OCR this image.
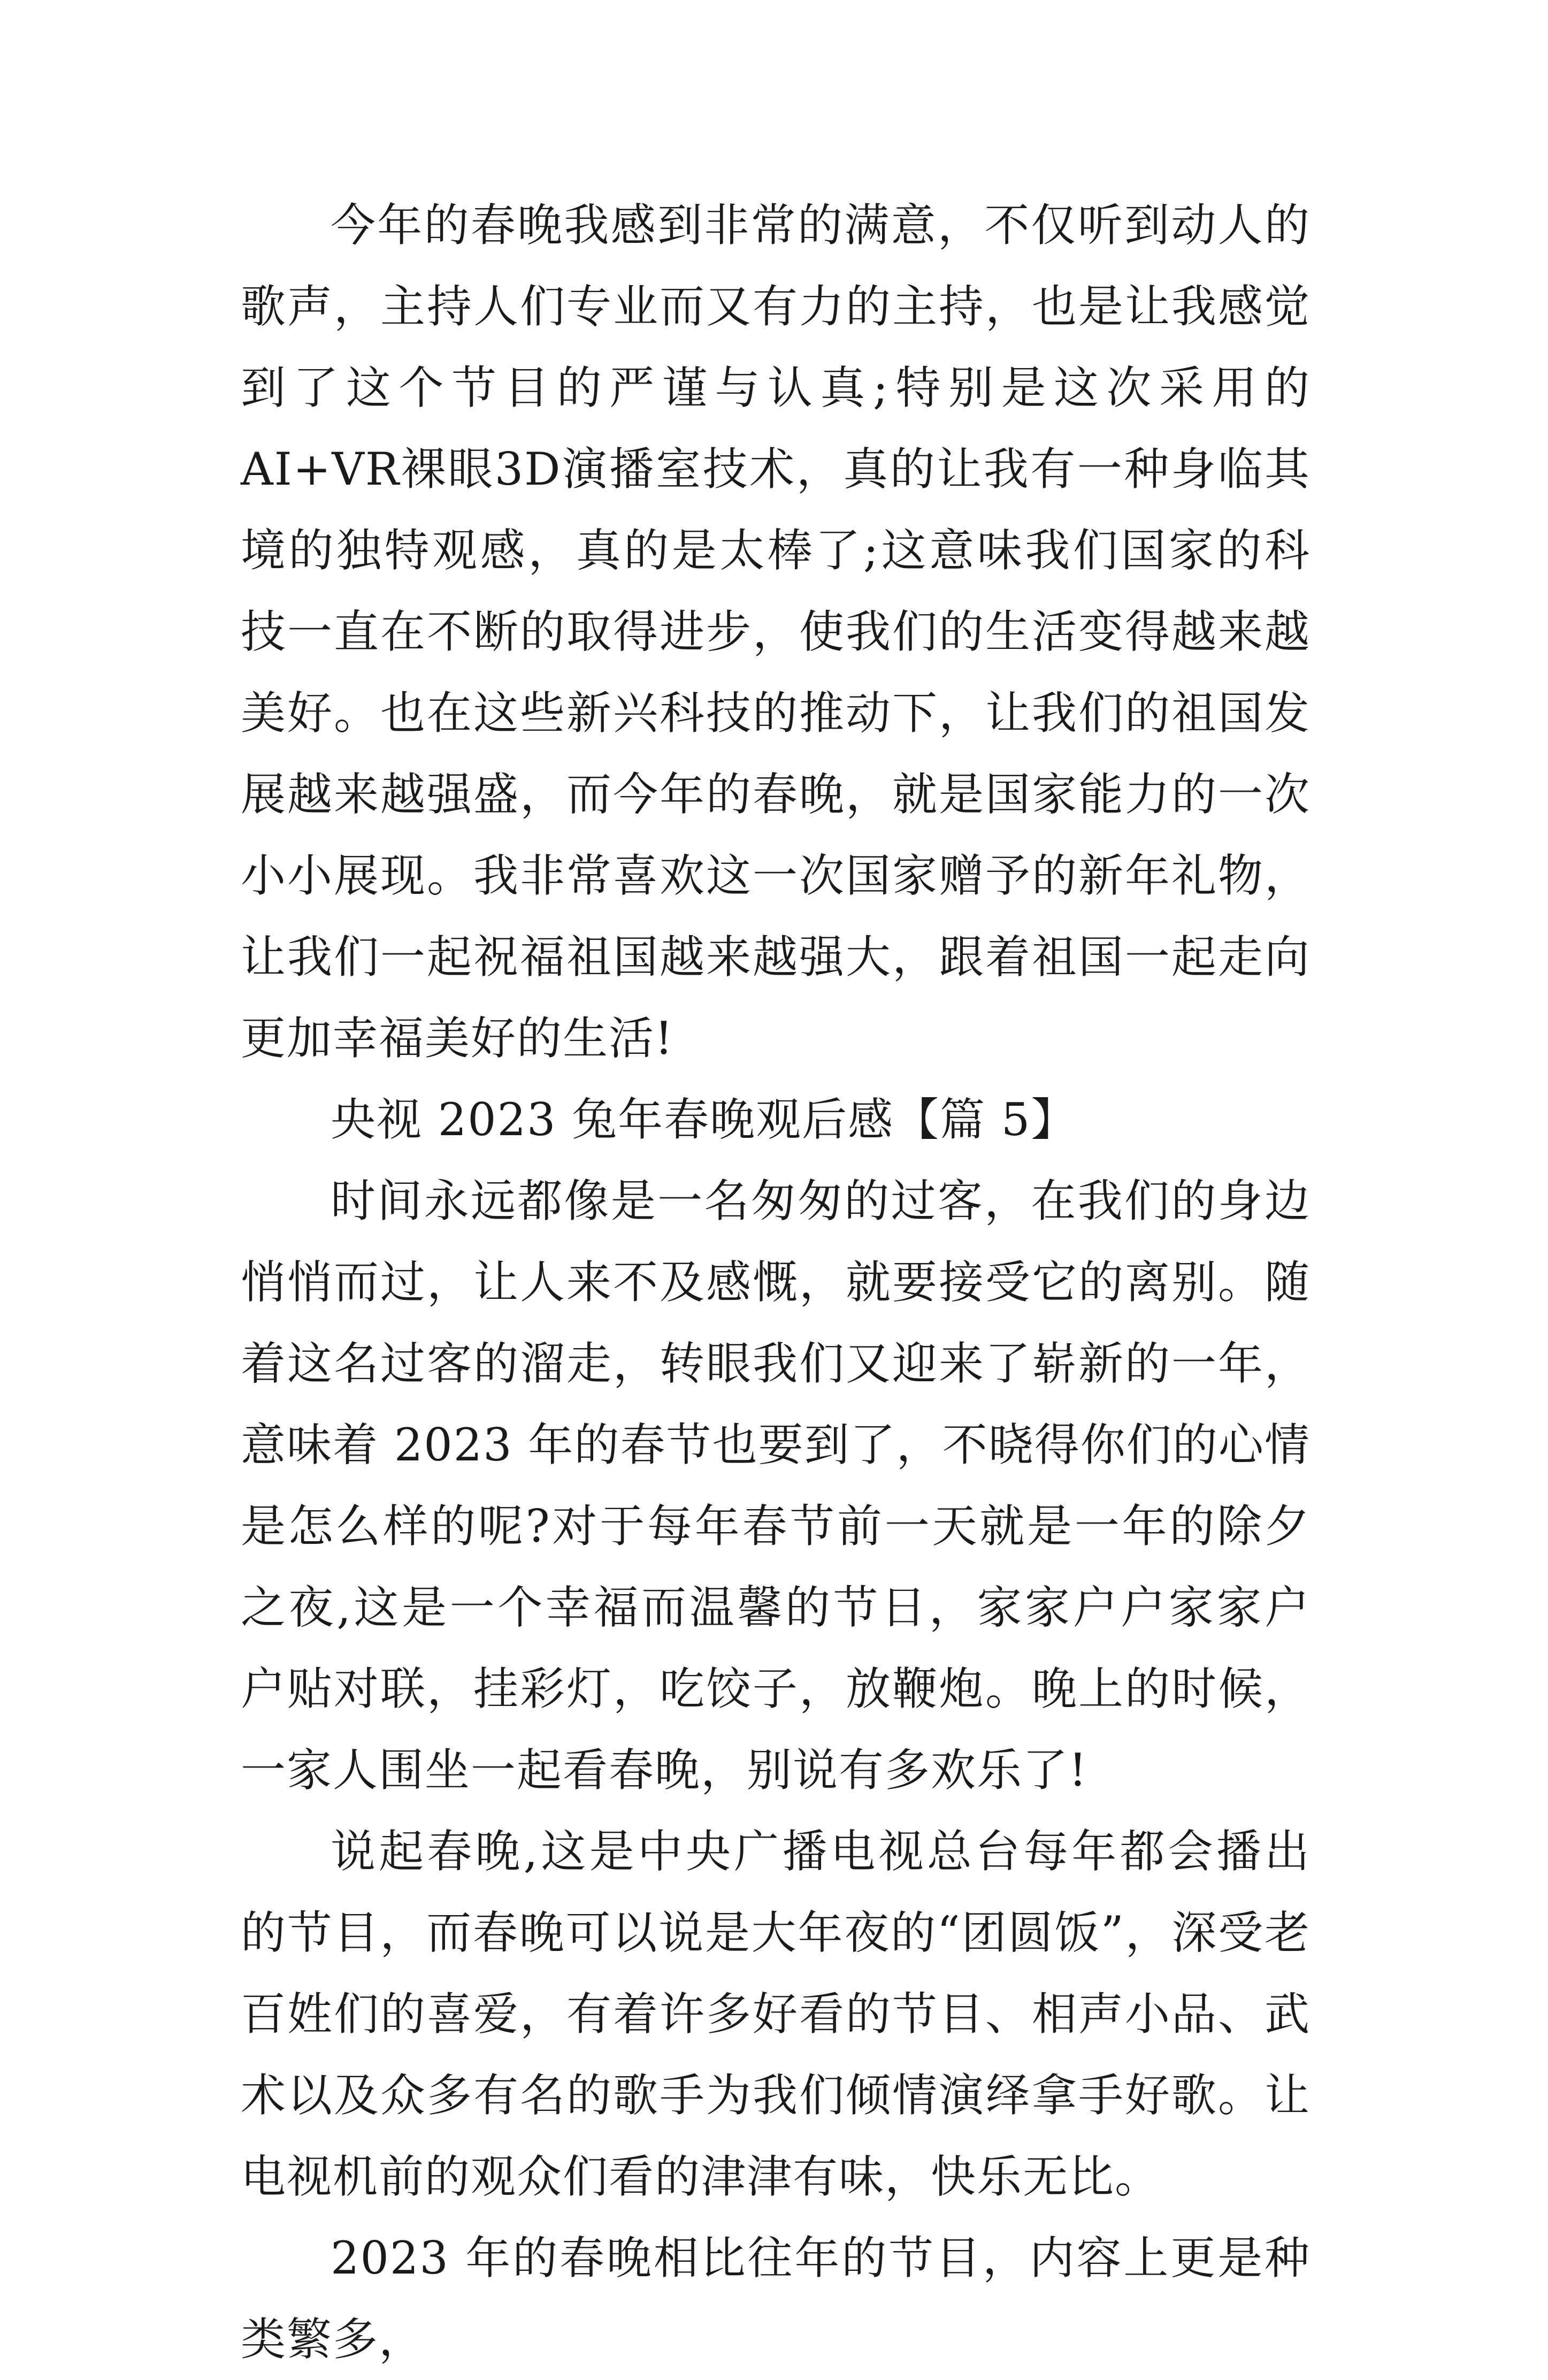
今年的春晚我感到非常的满意，不仅听到动人的歌声，主持人们专业而又有力的主持，也是让我感觉到了这个节目的严谨与认真;特别是这次采用的AI+VR裸眼3D演播室技术，真的让我有一种身临其境的独特观感，真的是太棒了;这意味我们国家的科技一直在不断的取得进步，使我们的生活变得越来越美好。也在这些新兴科技的推动下，让我们的祖国发展越来越强盛，而今年的春晚，就是国家能力的一次小小展现。我非常喜欢这一次国家赠予的新年礼物，让我们一起祝福祖国越来越强大，跟着祖国一起走向更加幸福美好的生活!

央视 2023 兔年春晚观后感【篇 5】

时间永远都像是一名匆匆的过客，在我们的身边悄悄而过，让人来不及感慨，就要接受它的离别。随着这名过客的溜走，转眼我们又迎来了崭新的一年，意味着 2023 年的春节也要到了，不晓得你们的心情是怎么样的呢?对于每年春节前一天就是一年的除夕之夜,这是一个幸福而温馨的节日，家家户户家家户户贴对联，挂彩灯，吃饺子，放鞭炮。晚上的时候，一家人围坐一起看春晚，别说有多欢乐了!

说起春晚,这是中央广播电视总台每年都会播出的节目，而春晚可以说是大年夜的“团圆饭”，深受老百姓们的喜爱，有着许多好看的节目、相声小品、武术以及众多有名的歌手为我们倾情演绎拿手好歌。让电视机前的观众们看的津津有味，快乐无比。

2023 年的春晚相比往年的节目，内容上更是种类繁多，
